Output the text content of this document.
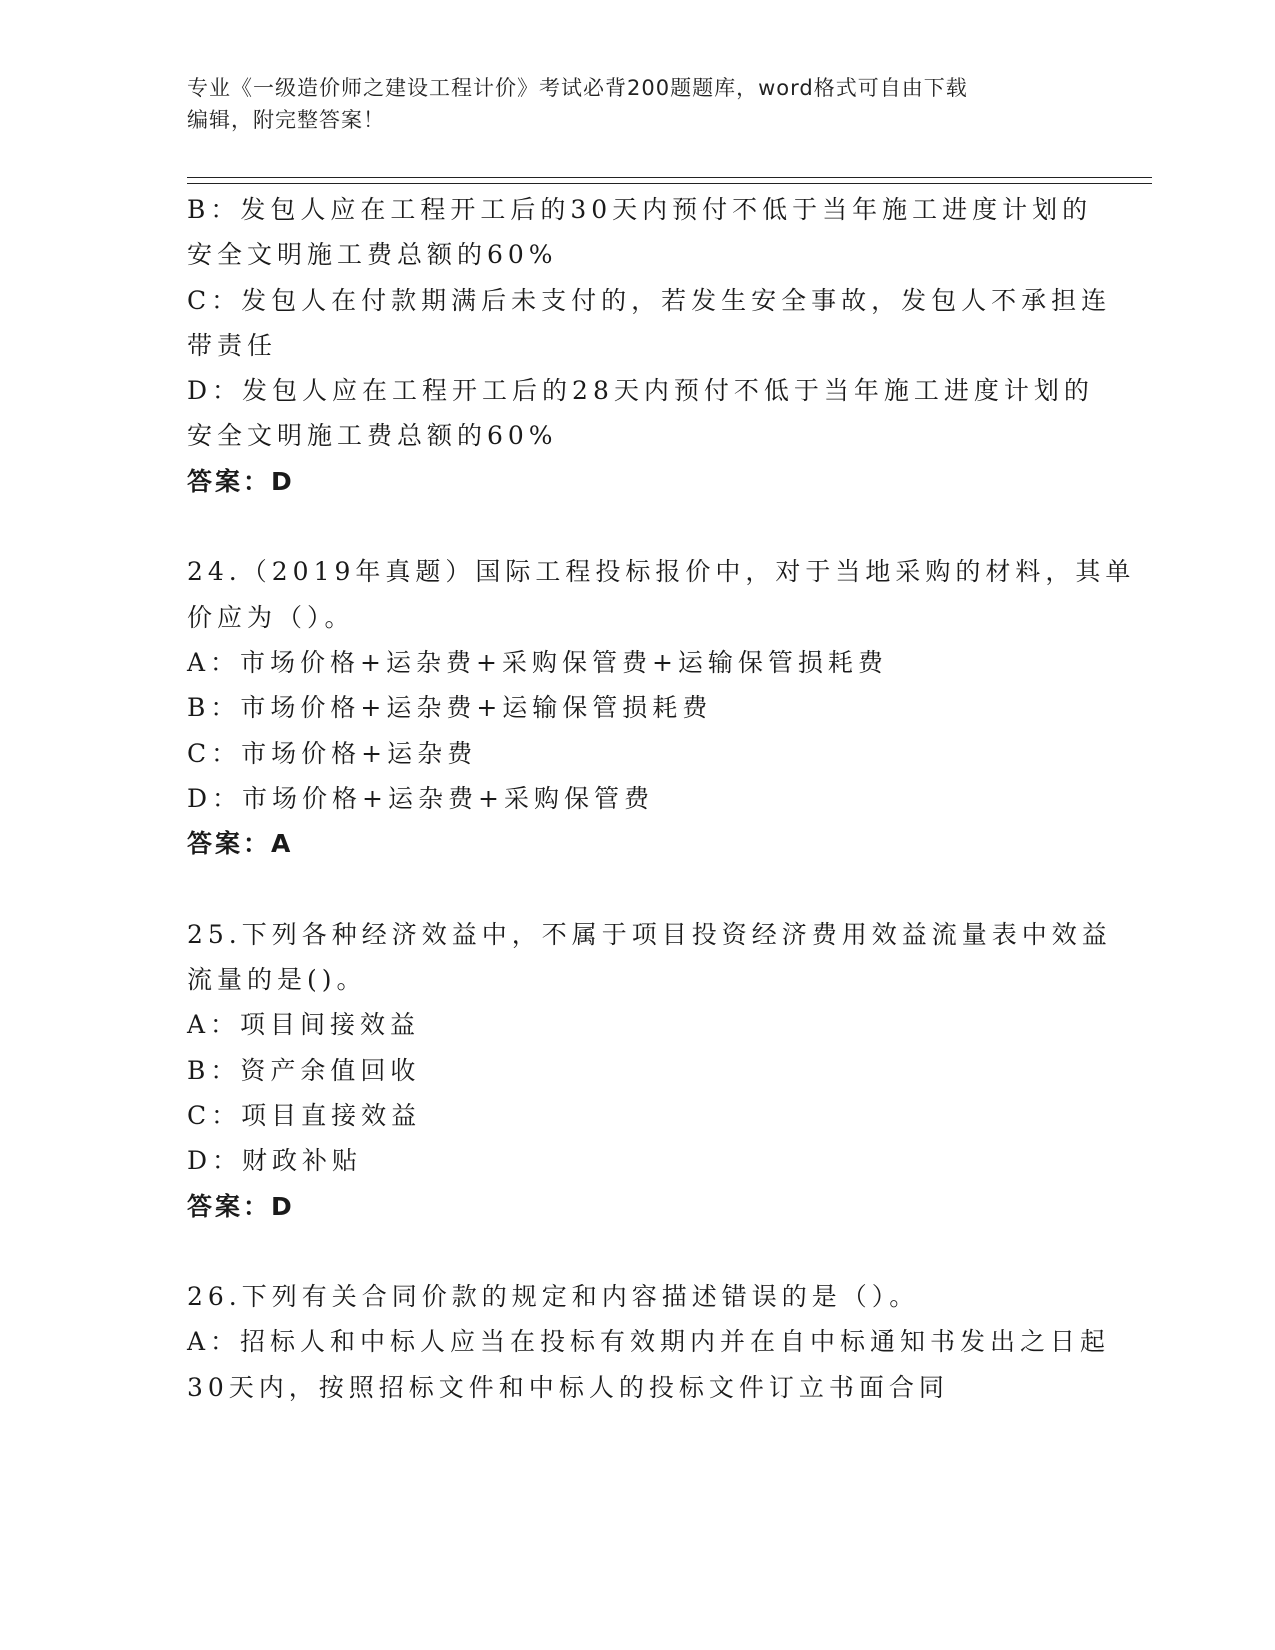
专业《一级造价师之建设工程计价》考试必背200题题库，word格式可自由下载
编辑，附完整答案！
B：发包人应在工程开工后的30天内预付不低于当年施工进度计划的
安全文明施工费总额的60%
C：发包人在付款期满后未支付的，若发生安全事故，发包人不承担连
带责任
D：发包人应在工程开工后的28天内预付不低于当年施工进度计划的
安全文明施工费总额的60%
答案：D
24.（2019年真题）国际工程投标报价中，对于当地采购的材料，其单
价应为（）。
A：市场价格+运杂费+采购保管费+运输保管损耗费
B：市场价格+运杂费+运输保管损耗费
C：市场价格+运杂费
D：市场价格+运杂费+采购保管费
答案：A
25.下列各种经济效益中，不属于项目投资经济费用效益流量表中效益
流量的是()。
A：项目间接效益
B：资产余值回收
C：项目直接效益
D：财政补贴
答案：D
26.下列有关合同价款的规定和内容描述错误的是（）。
A：招标人和中标人应当在投标有效期内并在自中标通知书发出之日起
30天内，按照招标文件和中标人的投标文件订立书面合同
